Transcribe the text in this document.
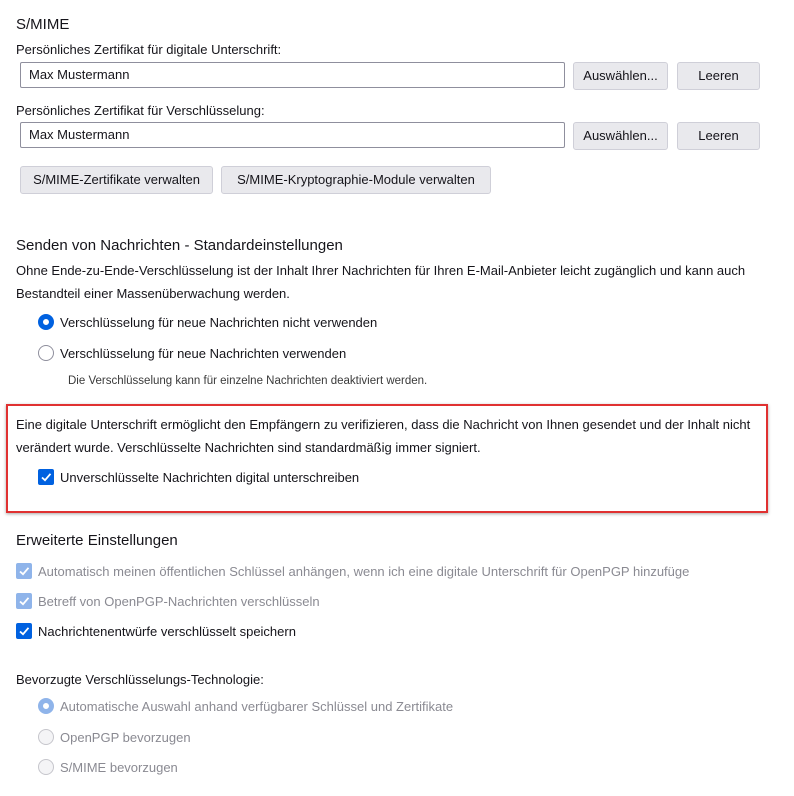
S/MIME
Persönliches Zertifikat für digitale Unterschrift:
Max Mustermann	Auswählen...	Leeren
Persönliches Zertifikat für Verschlüsselung:
Max Mustermann	Auswählen...	Leeren
S/MIME-Zertifikate verwalten	S/MIME-Kryptographie-Module verwalten
Senden von Nachrichten - Standardeinstellungen
Ohne Ende-zu-Ende-Verschlüsselung ist der Inhalt Ihrer Nachrichten für Ihren E-Mail-Anbieter leicht zugänglich und kann auch Bestandteil einer Massenüberwachung werden.
Verschlüsselung für neue Nachrichten nicht verwenden
Verschlüsselung für neue Nachrichten verwenden
Die Verschlüsselung kann für einzelne Nachrichten deaktiviert werden.
Eine digitale Unterschrift ermöglicht den Empfängern zu verifizieren, dass die Nachricht von Ihnen gesendet und der Inhalt nicht verändert wurde. Verschlüsselte Nachrichten sind standardmäßig immer signiert.
Unverschlüsselte Nachrichten digital unterschreiben
Erweiterte Einstellungen
Automatisch meinen öffentlichen Schlüssel anhängen, wenn ich eine digitale Unterschrift für OpenPGP hinzufüge
Betreff von OpenPGP-Nachrichten verschlüsseln
Nachrichtenentwürfe verschlüsselt speichern
Bevorzugte Verschlüsselungs-Technologie:
Automatische Auswahl anhand verfügbarer Schlüssel und Zertifikate
OpenPGP bevorzugen
S/MIME bevorzugen
